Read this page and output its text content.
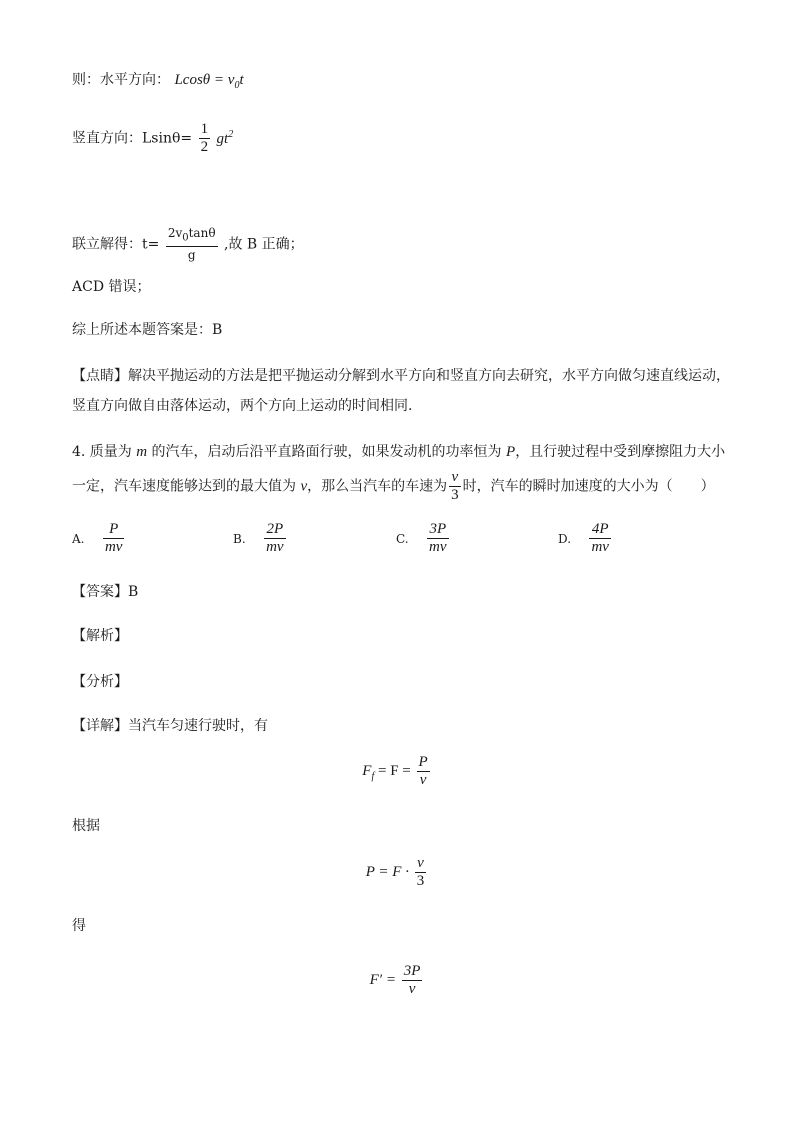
则：水平方向： $Lcos\theta = v_0t$
竖直方向：$Lsin\theta= \frac{1}{2} gt^2$
联立解得：$t= \frac{2v_0\tan\theta}{g}$ ,故 B 正确；
ACD 错误；
综上所述本题答案是：B
【点睛】解决平抛运动的方法是把平抛运动分解到水平方向和竖直方向去研究，水平方向做匀速直线运动，
竖直方向做自由落体运动，两个方向上运动的时间相同.
4. 质量为 m 的汽车，启动后沿平直路面行驶，如果发动机的功率恒为 P，且行驶过程中受到摩擦阻力大小
一定，汽车速度能够达到的最大值为 v，那么当汽车的车速为 $\frac{v}{3}$ 时，汽车的瞬时加速度的大小为（　　）
A. $\frac{P}{mv}$	B. $\frac{2P}{mv}$	C. $\frac{3P}{mv}$	D. $\frac{4P}{mv}$
【答案】B
【解析】
【分析】
【详解】当汽车匀速行驶时，有
$F_f = F = \frac{P}{v}$
根据
$P = F \cdot \frac{v}{3}$
得
$F' = \frac{3P}{v}$
